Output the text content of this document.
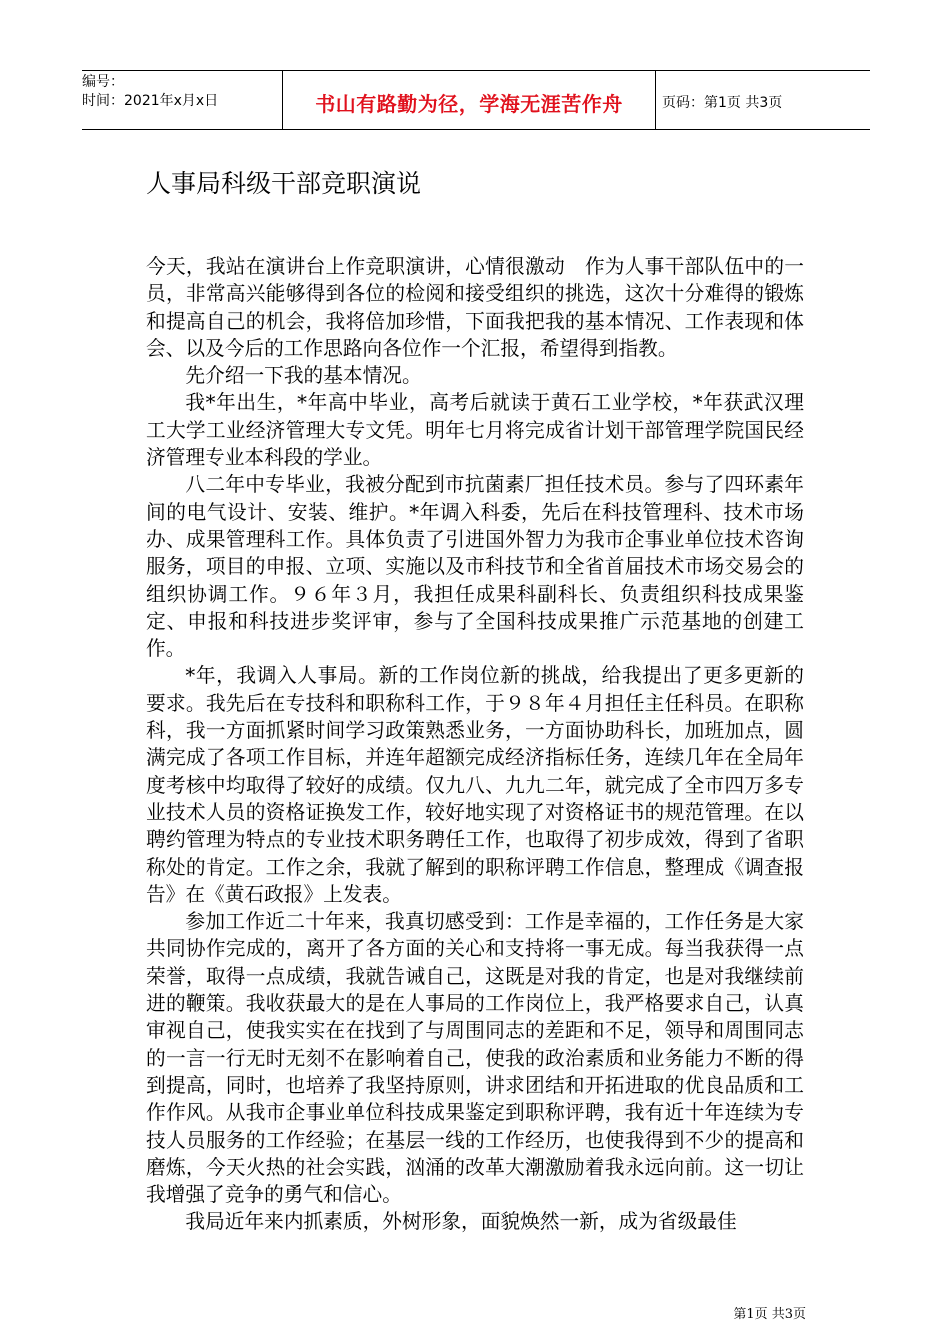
编号：
时间：2021年x月x日	书山有路勤为径，学海无涯苦作舟	页码：第1页 共3页
人事局科级干部竞职演说

今天，我站在演讲台上作竞职演讲，心情很激动　作为人事干部队伍中的一员，非常高兴能够得到各位的检阅和接受组织的挑选，这次十分难得的锻炼和提高自己的机会，我将倍加珍惜，下面我把我的基本情况、工作表现和体会、以及今后的工作思路向各位作一个汇报，希望得到指教。

先介绍一下我的基本情况。

我*年出生，*年高中毕业，高考后就读于黄石工业学校，*年获武汉理工大学工业经济管理大专文凭。明年七月将完成省计划干部管理学院国民经济管理专业本科段的学业。

八二年中专毕业，我被分配到市抗菌素厂担任技术员。参与了四环素年间的电气设计、安装、维护。*年调入科委，先后在科技管理科、技术市场办、成果管理科工作。具体负责了引进国外智力为我市企事业单位技术咨询服务，项目的申报、立项、实施以及市科技节和全省首届技术市场交易会的组织协调工作。９６年３月，我担任成果科副科长、负责组织科技成果鉴定、申报和科技进步奖评审，参与了全国科技成果推广示范基地的创建工作。

*年，我调入人事局。新的工作岗位新的挑战，给我提出了更多更新的要求。我先后在专技科和职称科工作，于９８年４月担任主任科员。在职称科，我一方面抓紧时间学习政策熟悉业务，一方面协助科长，加班加点，圆满完成了各项工作目标，并连年超额完成经济指标任务，连续几年在全局年度考核中均取得了较好的成绩。仅九八、九九二年，就完成了全市四万多专业技术人员的资格证换发工作，较好地实现了对资格证书的规范管理。在以聘约管理为特点的专业技术职务聘任工作，也取得了初步成效，得到了省职称处的肯定。工作之余，我就了解到的职称评聘工作信息，整理成《调查报告》在《黄石政报》上发表。

参加工作近二十年来，我真切感受到：工作是幸福的，工作任务是大家共同协作完成的，离开了各方面的关心和支持将一事无成。每当我获得一点荣誉，取得一点成绩，我就告诫自己，这既是对我的肯定，也是对我继续前进的鞭策。我收获最大的是在人事局的工作岗位上，我严格要求自己，认真审视自己，使我实实在在找到了与周围同志的差距和不足，领导和周围同志的一言一行无时无刻不在影响着自己，使我的政治素质和业务能力不断的得到提高，同时，也培养了我坚持原则，讲求团结和开拓进取的优良品质和工作作风。从我市企事业单位科技成果鉴定到职称评聘，我有近十年连续为专技人员服务的工作经验；在基层一线的工作经历，也使我得到不少的提高和磨炼，今天火热的社会实践，汹涌的改革大潮激励着我永远向前。这一切让我增强了竞争的勇气和信心。

我局近年来内抓素质，外树形象，面貌焕然一新，成为省级最佳

第1页 共3页
